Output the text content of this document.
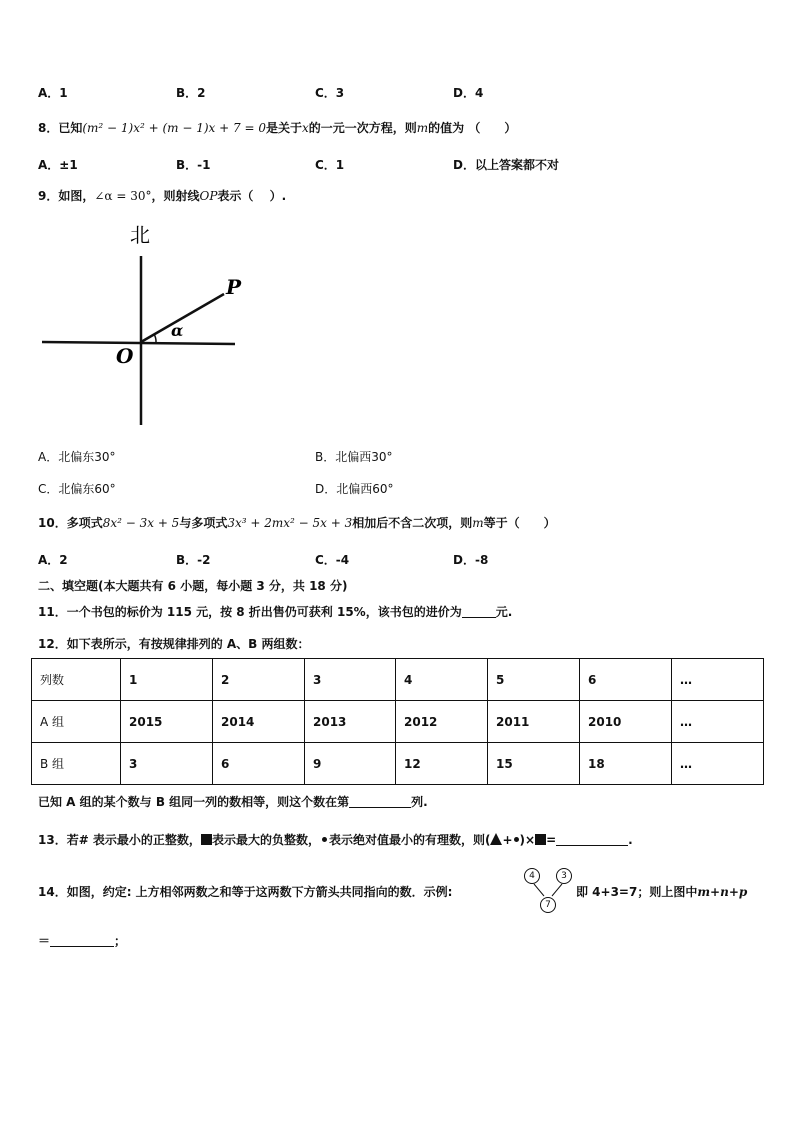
A．1	B．2	C．3	D．4
8．已知(m² − 1)x² + (m − 1)x + 7 = 0是关于x的一元一次方程，则m的值为 （　　）
A．±1	B．-1	C．1	D．以上答案都不对
9．如图，∠α = 30°，则射线OP表示（　 ）.
北
P
O
α
A．北偏东30°	B．北偏西30°
C．北偏东60°	D．北偏西60°
10．多项式8x² − 3x + 5与多项式3x³ + 2mx² − 5x + 3相加后不含二次项，则m等于（　　）
A．2	B．-2	C．-4	D．-8
二、填空题(本大题共有 6 小题，每小题 3 分，共 18 分)
11．一个书包的标价为 115 元，按 8 折出售仍可获利 15%，该书包的进价为	元.
12．如下表所示，有按规律排列的 A、B 两组数：
列数	1	2	3	4	5	6	…
A 组	2015	2014	2013	2012	2011	2010	…
B 组	3	6	9	12	15	18	…
已知 A 组的某个数与 B 组同一列的数相等，则这个数在第	列.
13．若# 表示最小的正整数， 表示最大的负整数， 表示绝对值最小的有理数，则( + )× =	.
14．如图，约定: 上方相邻两数之和等于这两数下方箭头共同指向的数．示例:
4	3
7
即 4+3=7；则上图中m+n+p
＝	；
